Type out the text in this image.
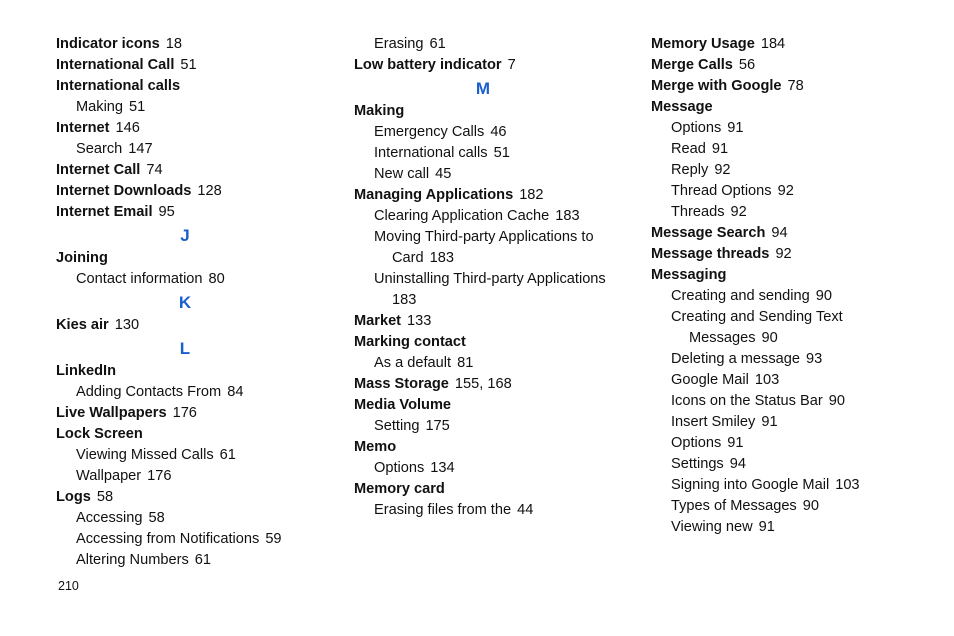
Indicator icons 18
International Call 51
International calls
Making 51
Internet 146
Search 147
Internet Call 74
Internet Downloads 128
Internet Email 95
J
Joining
Contact information 80
K
Kies air 130
L
LinkedIn
Adding Contacts From 84
Live Wallpapers 176
Lock Screen
Viewing Missed Calls 61
Wallpaper 176
Logs 58
Accessing 58
Accessing from Notifications 59
Altering Numbers 61
Erasing 61
Low battery indicator 7
M
Making
Emergency Calls 46
International calls 51
New call 45
Managing Applications 182
Clearing Application Cache 183
Moving Third-party Applications to
Card 183
Uninstalling Third-party Applications
183
Market 133
Marking contact
As a default 81
Mass Storage 155, 168
Media Volume
Setting 175
Memo
Options 134
Memory card
Erasing files from the 44
Memory Usage 184
Merge Calls 56
Merge with Google 78
Message
Options 91
Read 91
Reply 92
Thread Options 92
Threads 92
Message Search 94
Message threads 92
Messaging
Creating and sending 90
Creating and Sending Text
Messages 90
Deleting a message 93
Google Mail 103
Icons on the Status Bar 90
Insert Smiley 91
Options 91
Settings 94
Signing into Google Mail 103
Types of Messages 90
Viewing new 91
210
